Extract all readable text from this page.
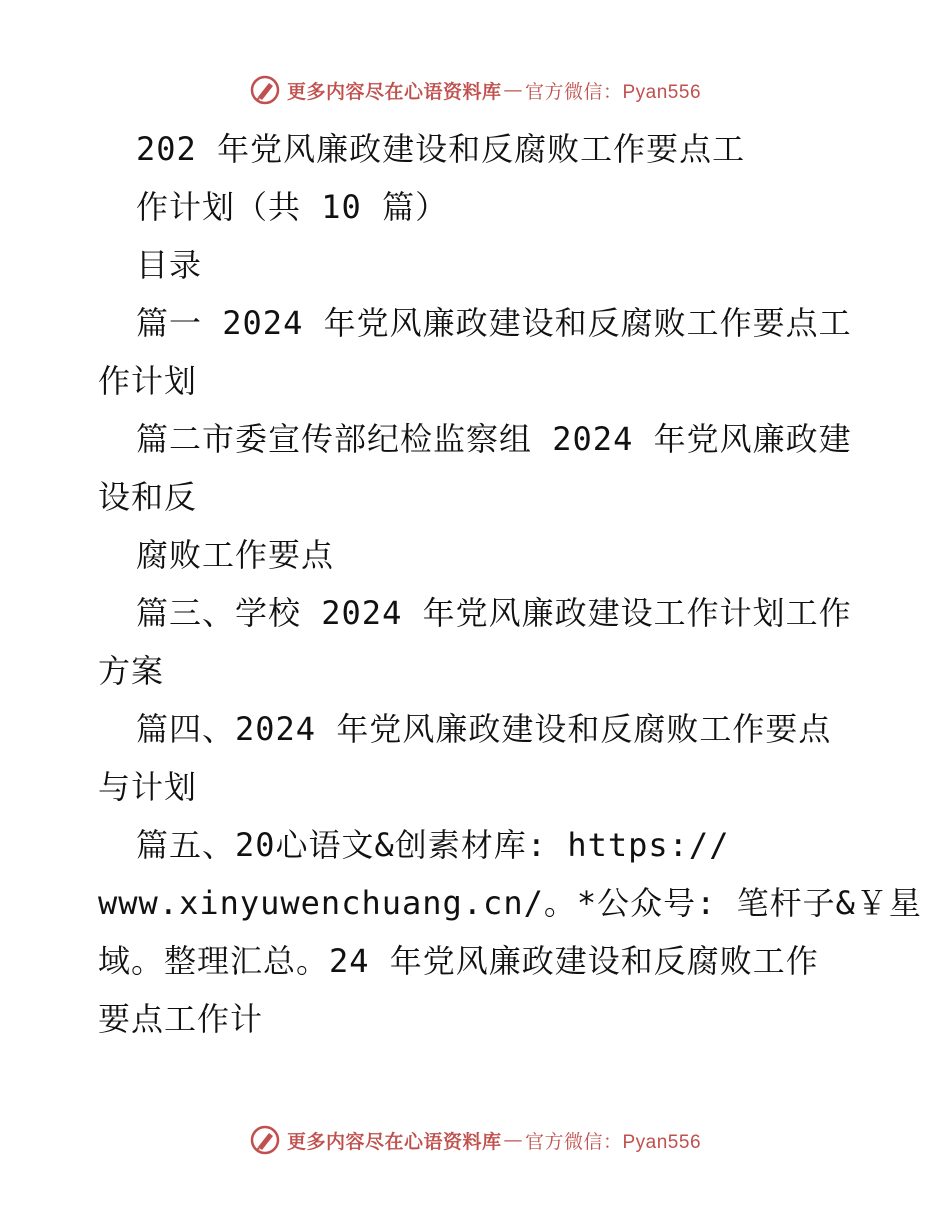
更多内容尽在心语资料库 — 官方微信：Pyan556
202 年党风廉政建设和反腐败工作要点工
作计划（共 10 篇）
目录
篇一 2024 年党风廉政建设和反腐败工作要点工
作计划
篇二市委宣传部纪检监察组 2024 年党风廉政建
设和反
腐败工作要点
篇三、学校 2024 年党风廉政建设工作计划工作
方案
篇四、2024 年党风廉政建设和反腐败工作要点
与计划
篇五、20心语文&创素材库: https://
www.xinyuwenchuang.cn/。*公众号: 笔杆子&￥星
域。整理汇总。24 年党风廉政建设和反腐败工作
要点工作计
更多内容尽在心语资料库 — 官方微信：Pyan556
